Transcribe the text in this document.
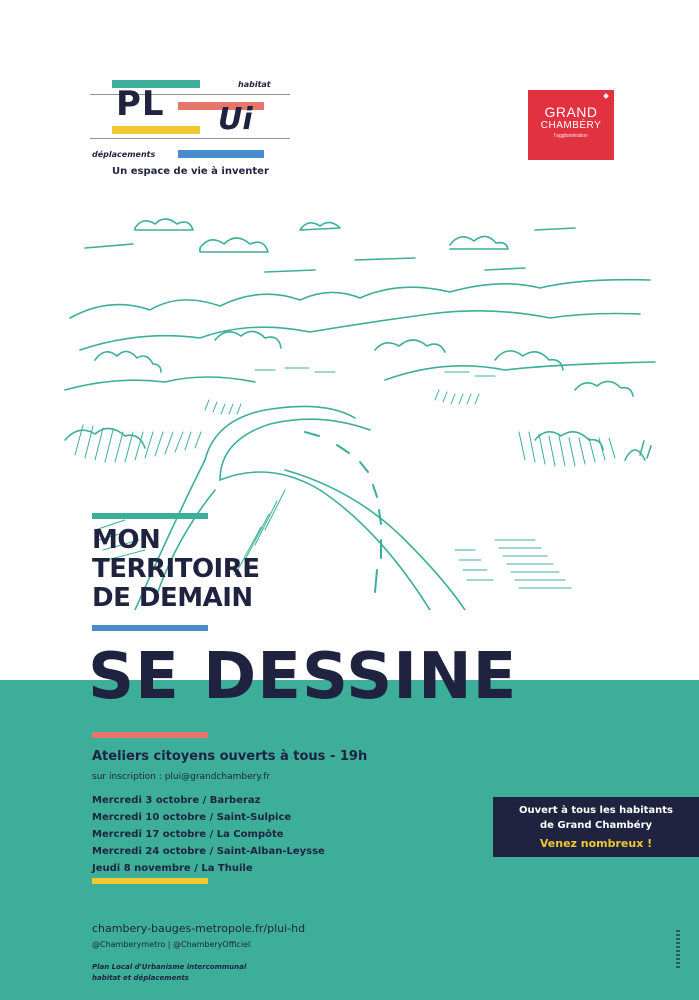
habitat
PL Ui
déplacements
Un espace de vie à inventer
GRAND
CHAMBÉRY
l'agglomération
MON
TERRITOIRE
DE DEMAIN
SE DESSINE
Ateliers citoyens ouverts à tous - 19h
sur inscription : plui@grandchambery.fr
Mercredi 3 octobre / Barberaz
Mercredi 10 octobre / Saint-Sulpice
Mercredi 17 octobre / La Compôte
Mercredi 24 octobre / Saint-Alban-Leysse
Jeudi 8 novembre / La Thuile
Ouvert à tous les habitants
de Grand Chambéry
Venez nombreux !
chambery-bauges-metropole.fr/plui-hd
@Chamberymetro | @ChamberyOfficiel
Plan Local d'Urbanisme intercommunal
habitat et déplacements
